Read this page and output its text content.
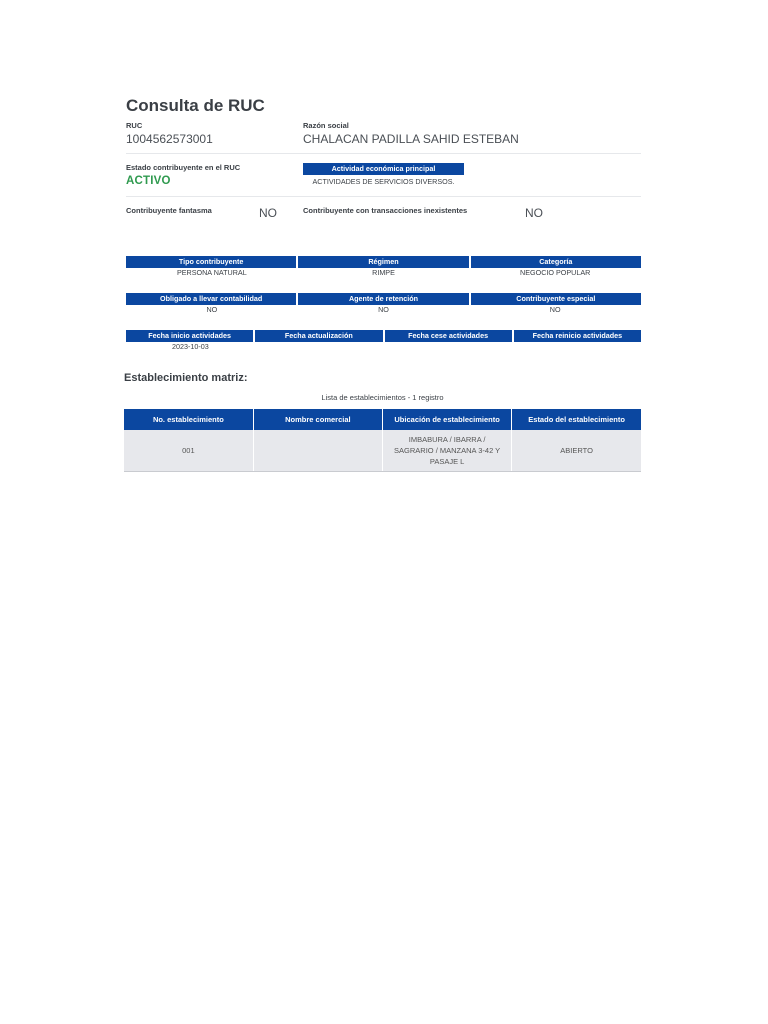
Consulta de RUC
RUC
1004562573001
Razón social
CHALACAN PADILLA SAHID ESTEBAN
Estado contribuyente en el RUC
ACTIVO
Actividad económica principal
ACTIVIDADES DE SERVICIOS DIVERSOS.
Contribuyente fantasma	NO	Contribuyente con transacciones inexistentes	NO
Tipo contribuyente	Régimen	Categoría
PERSONA NATURAL	RIMPE	NEGOCIO POPULAR
Obligado a llevar contabilidad	Agente de retención	Contribuyente especial
NO	NO	NO
Fecha inicio actividades	Fecha actualización	Fecha cese actividades	Fecha reinicio actividades
2023-10-03
Establecimiento matriz:
Lista de establecimientos - 1 registro
No. establecimiento	Nombre comercial	Ubicación de establecimiento	Estado del establecimiento
001		IMBABURA / IBARRA / SAGRARIO / MANZANA 3-42 Y PASAJE L	ABIERTO
